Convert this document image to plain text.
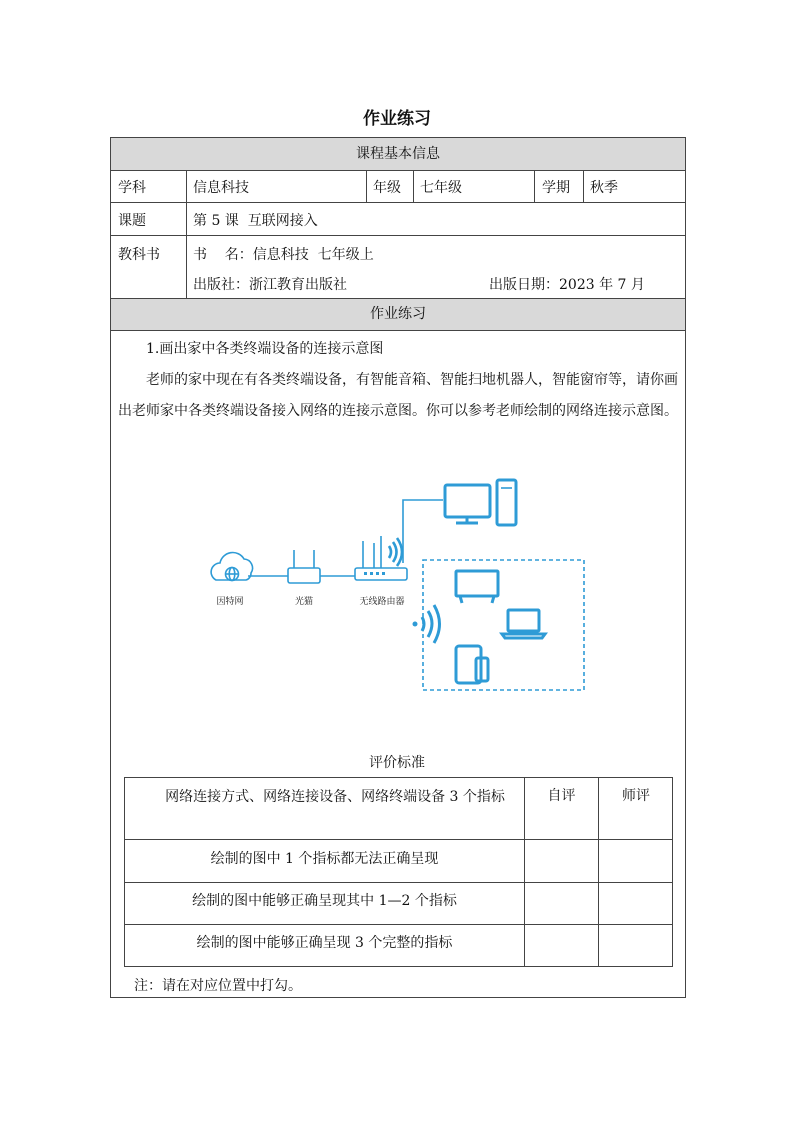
作业练习
课程基本信息
作业练习
学科	信息科技	年级 七年级	学期 秋季
课题	第 5 课  互联网接入
教科书 书    名：信息科技  七年级上
出版社：浙江教育出版社	出版日期：2023 年 7 月
1.画出家中各类终端设备的连接示意图
老师的家中现在有各类终端设备，有智能音箱、智能扫地机器人，智能窗帘等，请你画出老师家中各类终端设备接入网络的连接示意图。你可以参考老师绘制的网络连接示意图。
因特网	光猫	无线路由器
评价标准
网络连接方式、网络连接设备、网络终端设备 3 个指标	自评	师评
绘制的图中 1 个指标都无法正确呈现
绘制的图中能够正确呈现其中 1—2 个指标
绘制的图中能够正确呈现 3 个完整的指标
注：请在对应位置中打勾。
